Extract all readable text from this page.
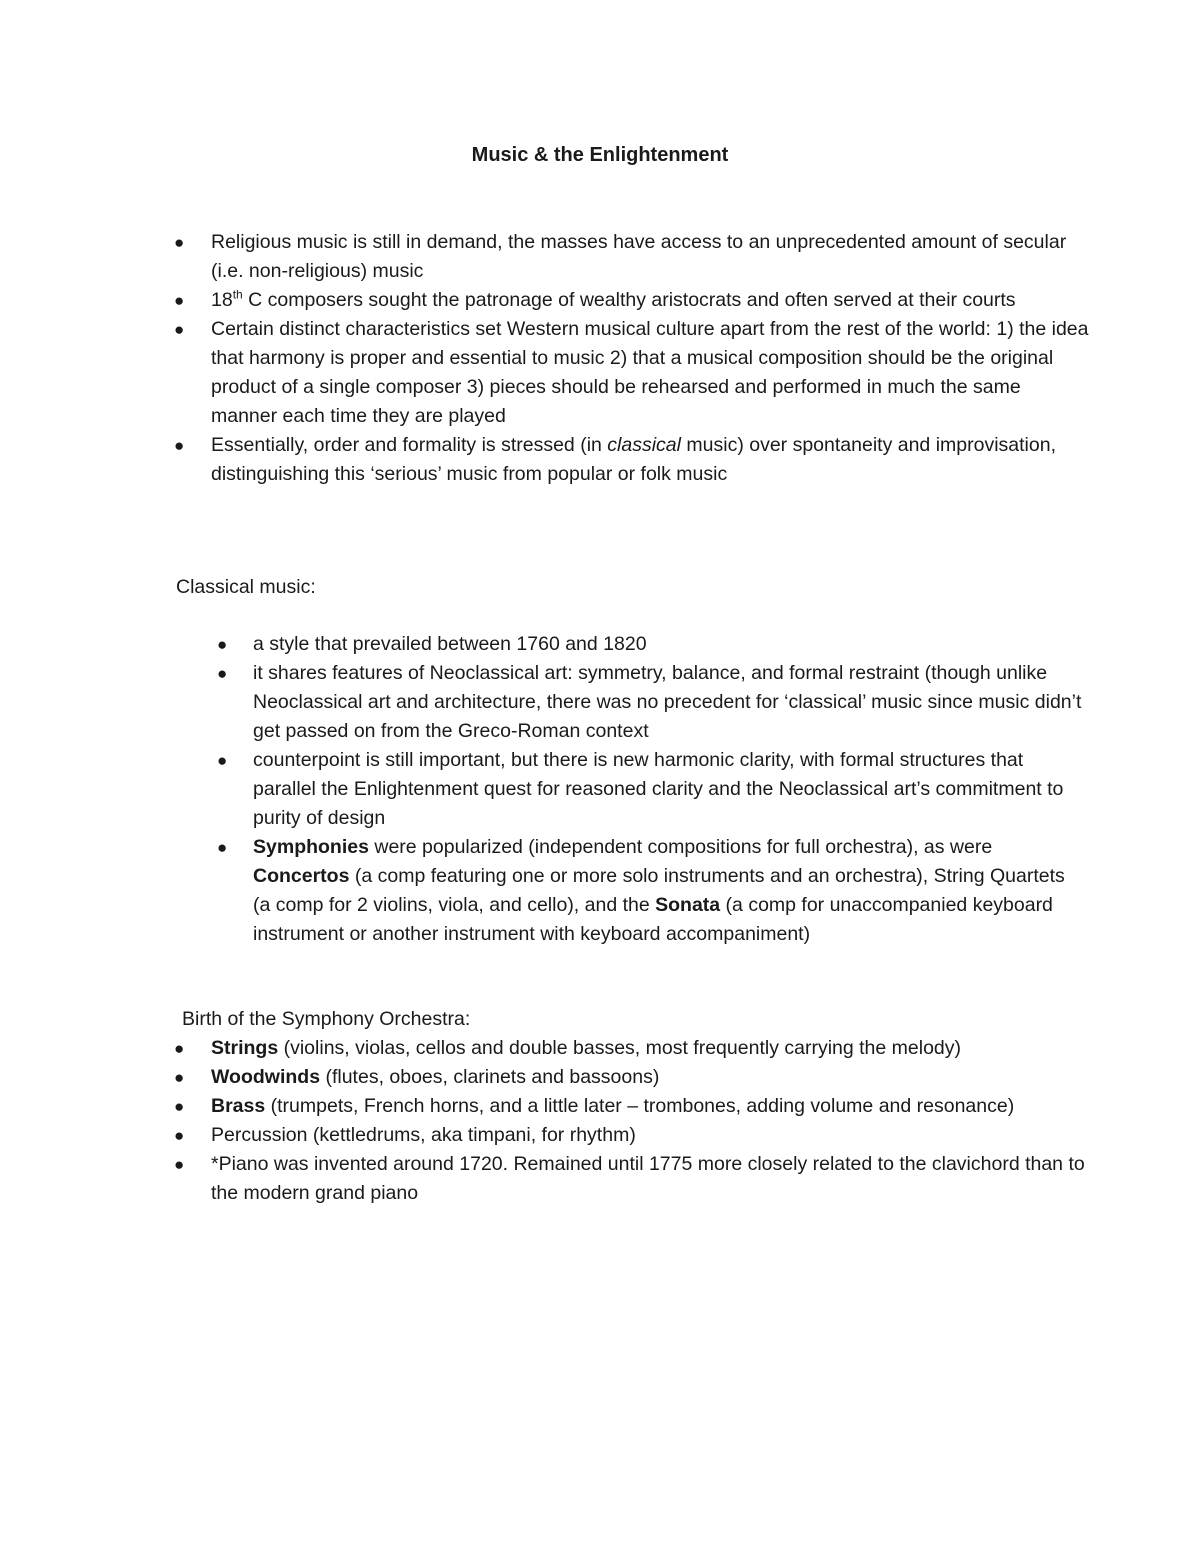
Music & the Enlightenment
● Religious music is still in demand, the masses have access to an unprecedented amount of secular (i.e. non-religious) music
● 18th C composers sought the patronage of wealthy aristocrats and often served at their courts
● Certain distinct characteristics set Western musical culture apart from the rest of the world: 1) the idea that harmony is proper and essential to music 2) that a musical composition should be the original product of a single composer 3) pieces should be rehearsed and performed in much the same manner each time they are played
● Essentially, order and formality is stressed (in classical music) over spontaneity and improvisation, distinguishing this ‘serious’ music from popular or folk music
Classical music:
● a style that prevailed between 1760 and 1820
● it shares features of Neoclassical art: symmetry, balance, and formal restraint (though unlike Neoclassical art and architecture, there was no precedent for ‘classical’ music since music didn’t get passed on from the Greco-Roman context
● counterpoint is still important, but there is new harmonic clarity, with formal structures that parallel the Enlightenment quest for reasoned clarity and the Neoclassical art’s commitment to purity of design
● Symphonies were popularized (independent compositions for full orchestra), as were Concertos (a comp featuring one or more solo instruments and an orchestra), String Quartets (a comp for 2 violins, viola, and cello), and the Sonata (a comp for unaccompanied keyboard instrument or another instrument with keyboard accompaniment)
Birth of the Symphony Orchestra:
● Strings (violins, violas, cellos and double basses, most frequently carrying the melody)
● Woodwinds (flutes, oboes, clarinets and bassoons)
● Brass (trumpets, French horns, and a little later – trombones, adding volume and resonance)
● Percussion (kettledrums, aka timpani, for rhythm)
● *Piano was invented around 1720. Remained until 1775 more closely related to the clavichord than to the modern grand piano
